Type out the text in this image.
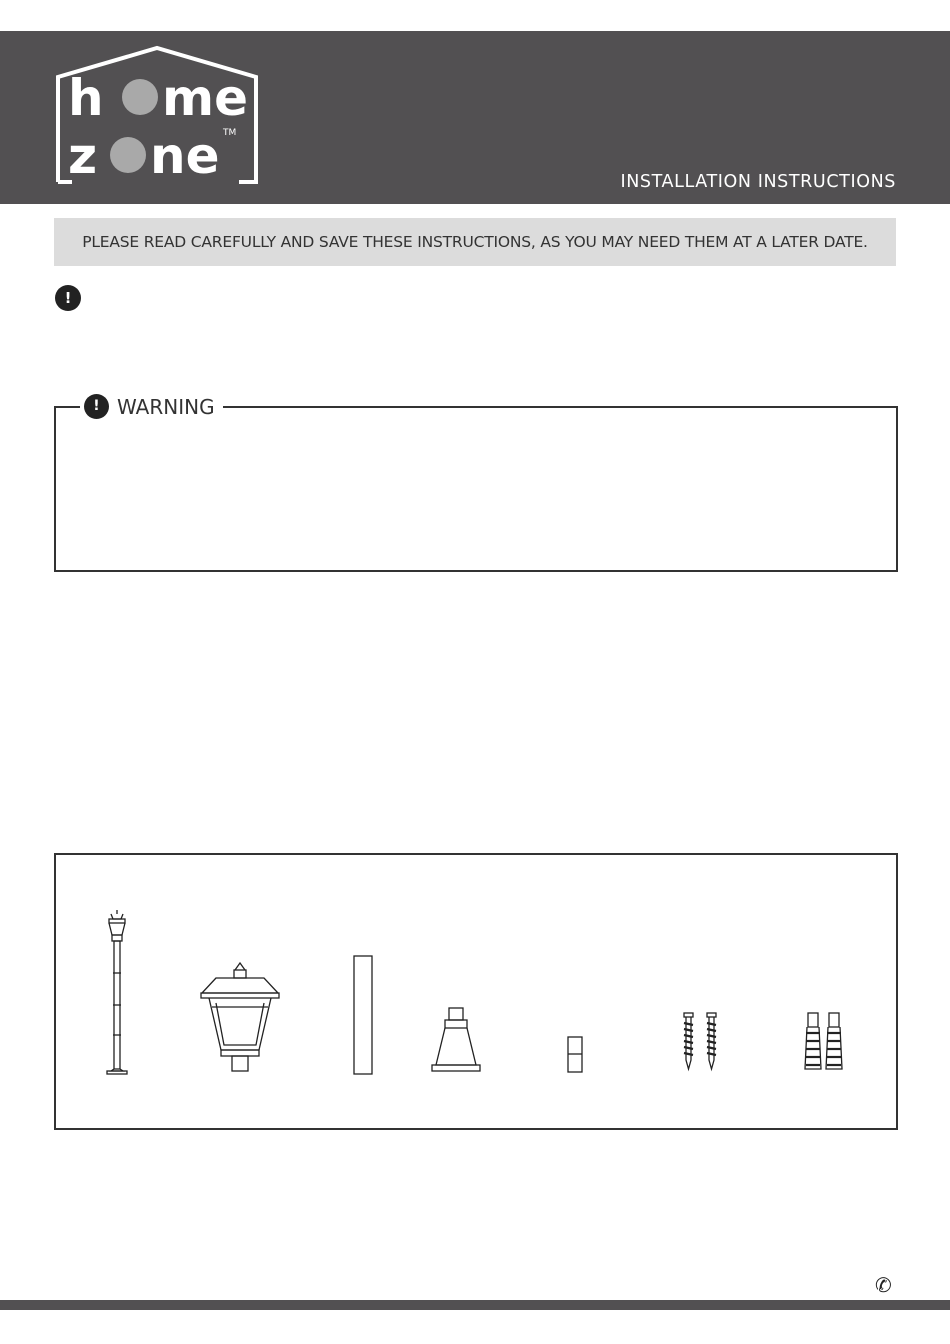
h me
z ne TM
INSTALLATION INSTRUCTIONS
PLEASE READ CAREFULLY AND SAVE THESE INSTRUCTIONS, AS YOU MAY NEED THEM AT A LATER DATE.
!
! WARNING
✆
